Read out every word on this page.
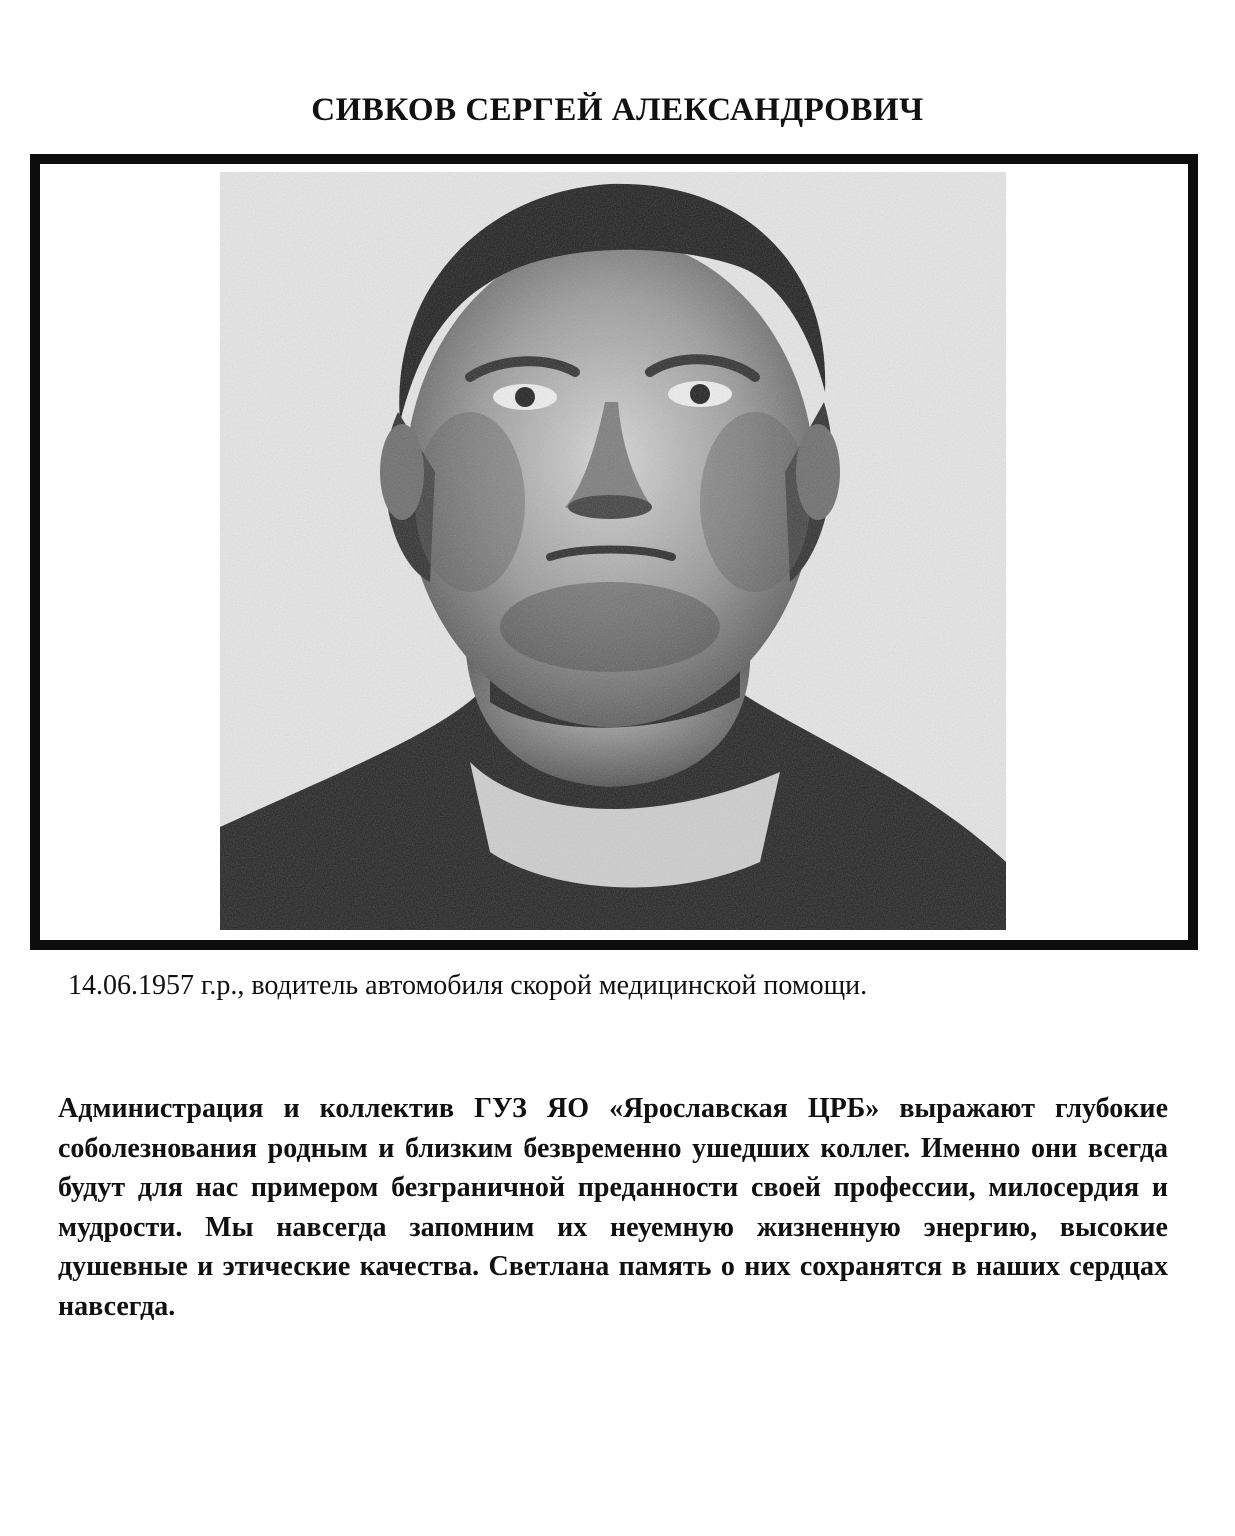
СИВКОВ СЕРГЕЙ АЛЕКСАНДРОВИЧ

14.06.1957 г.р., водитель автомобиля скорой медицинской помощи.

Администрация и коллектив ГУЗ ЯО «Ярославская ЦРБ» выражают глубокие соболезнования родным и близким безвременно ушедших коллег. Именно они всегда будут для нас примером безграничной преданности своей профессии, милосердия и мудрости. Мы навсегда запомним их неуемную жизненную энергию, высокие душевные и этические качества. Светлана память о них сохранятся в наших сердцах навсегда.
